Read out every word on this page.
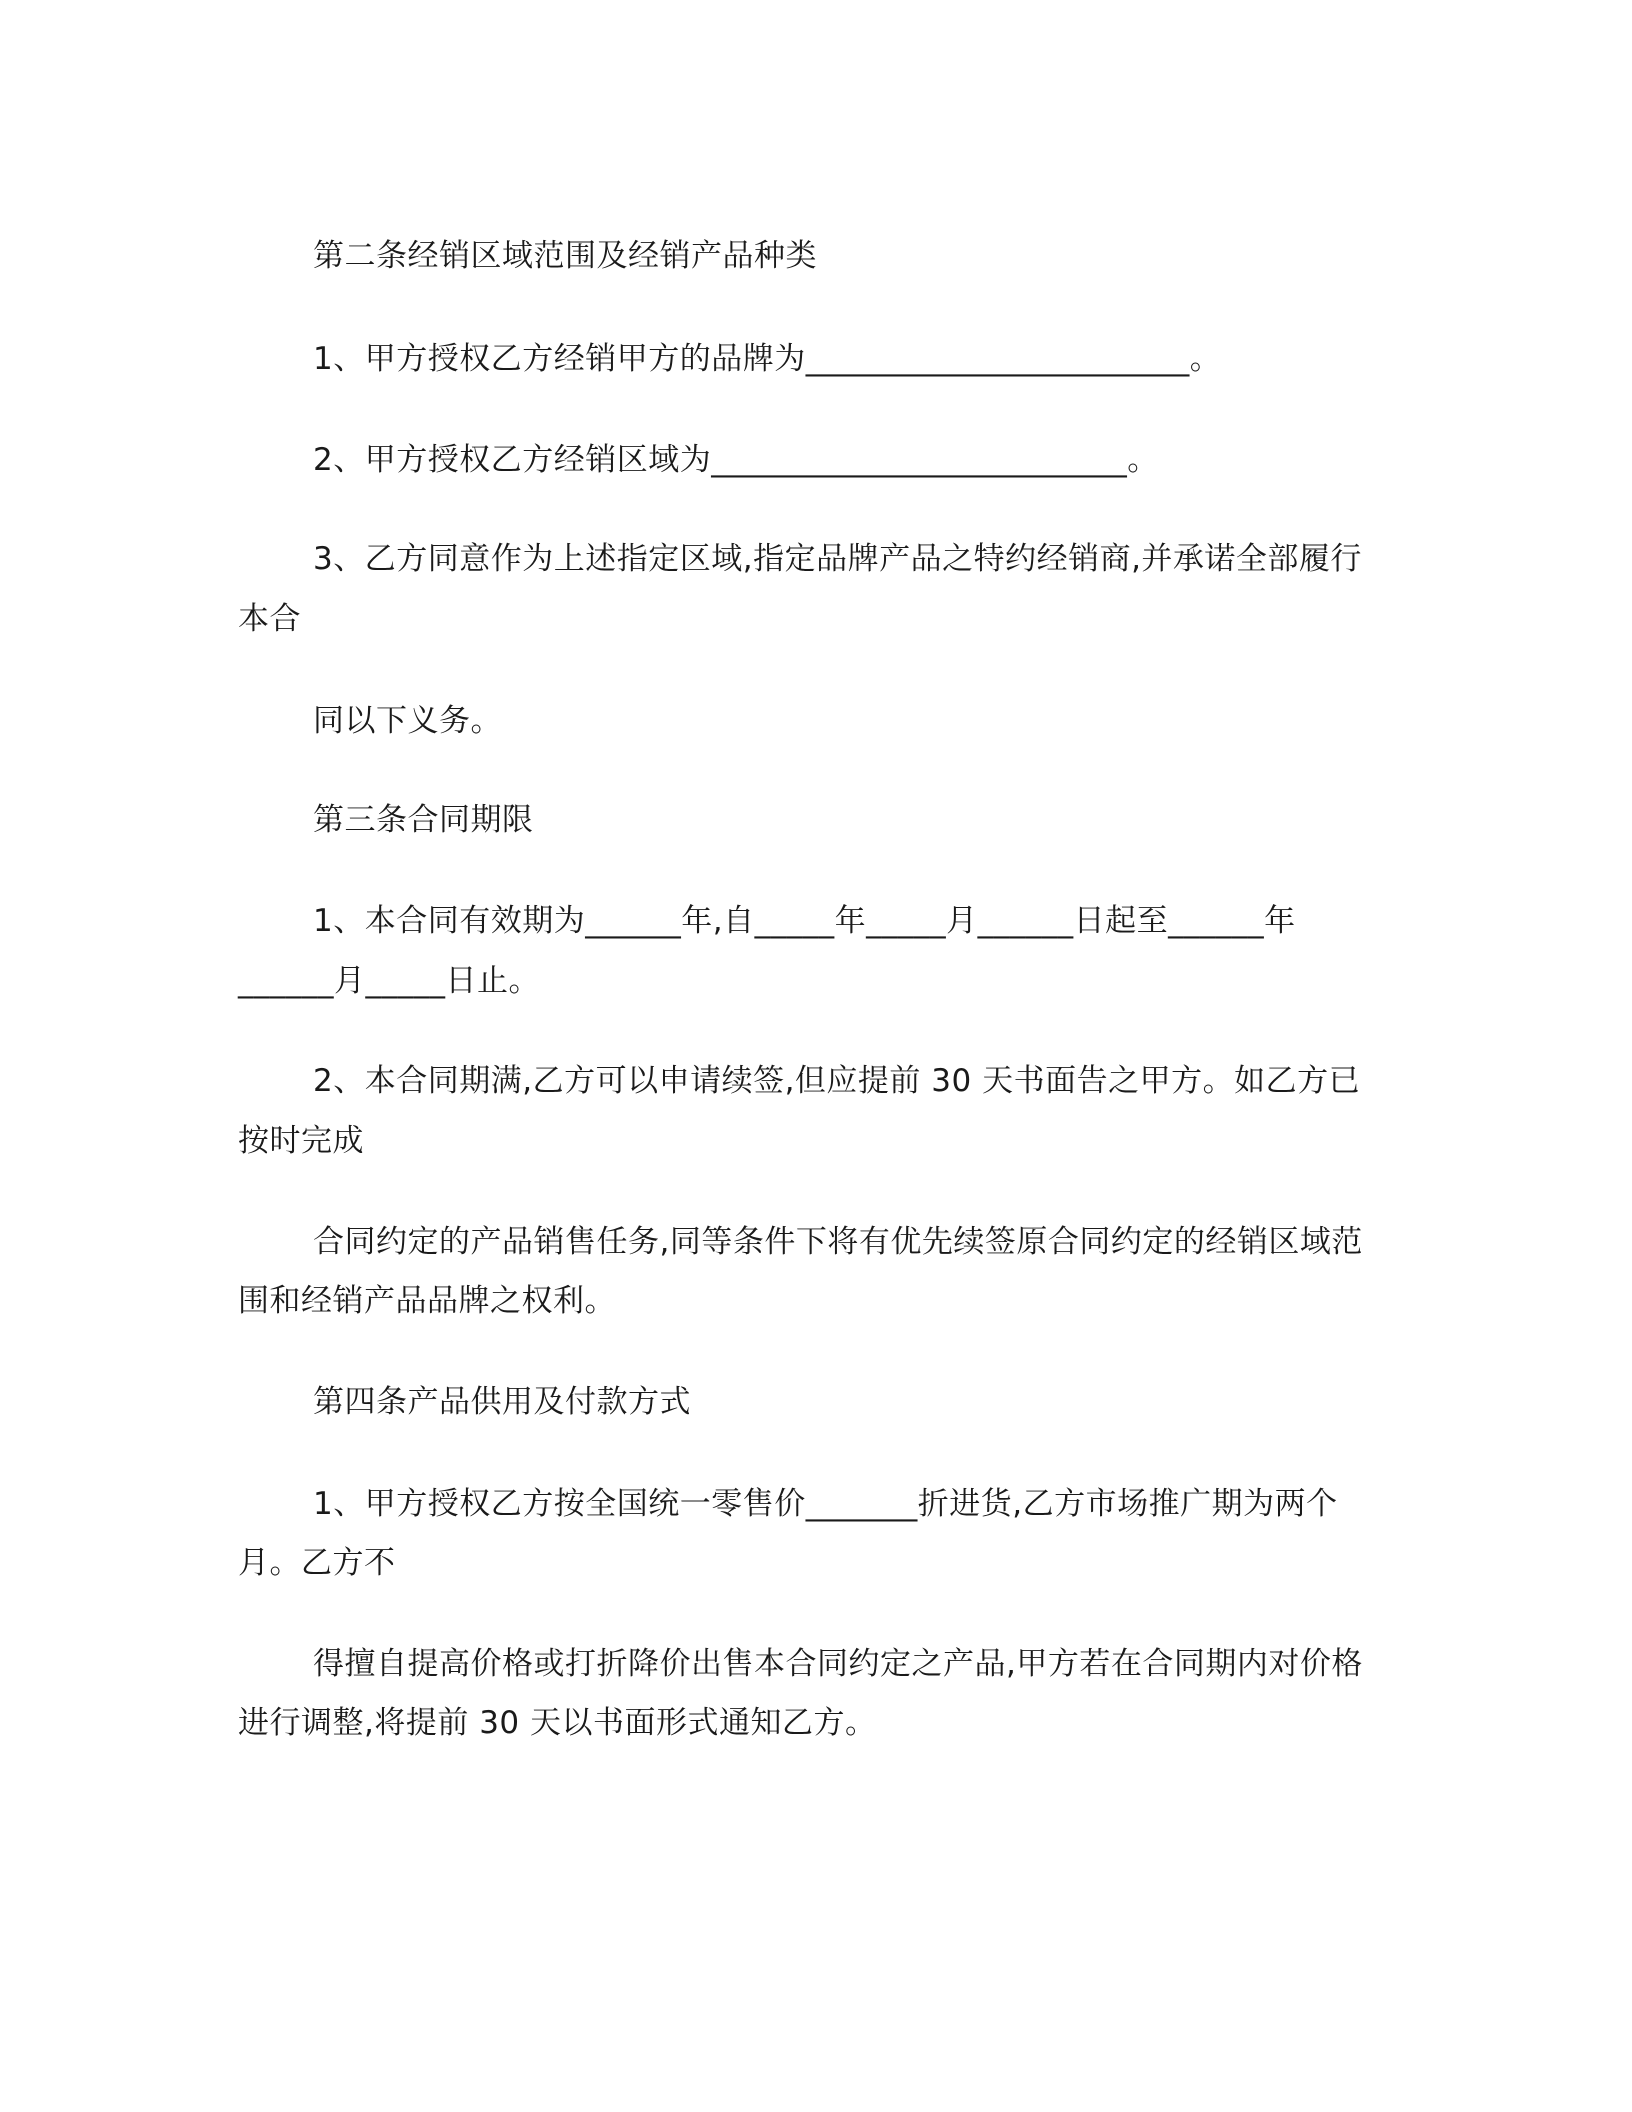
第二条经销区域范围及经销产品种类
1、甲方授权乙方经销甲方的品牌为________________________。
2、甲方授权乙方经销区域为__________________________。
3、乙方同意作为上述指定区域,指定品牌产品之特约经销商,并承诺全部履行
本合
同以下义务。
第三条合同期限
1、本合同有效期为______年,自_____年_____月______日起至______年
______月_____日止。
2、本合同期满,乙方可以申请续签,但应提前 30 天书面告之甲方。如乙方已
按时完成
合同约定的产品销售任务,同等条件下将有优先续签原合同约定的经销区域范
围和经销产品品牌之权利。
第四条产品供用及付款方式
1、甲方授权乙方按全国统一零售价_______折进货,乙方市场推广期为两个
月。乙方不
得擅自提高价格或打折降价出售本合同约定之产品,甲方若在合同期内对价格
进行调整,将提前 30 天以书面形式通知乙方。
